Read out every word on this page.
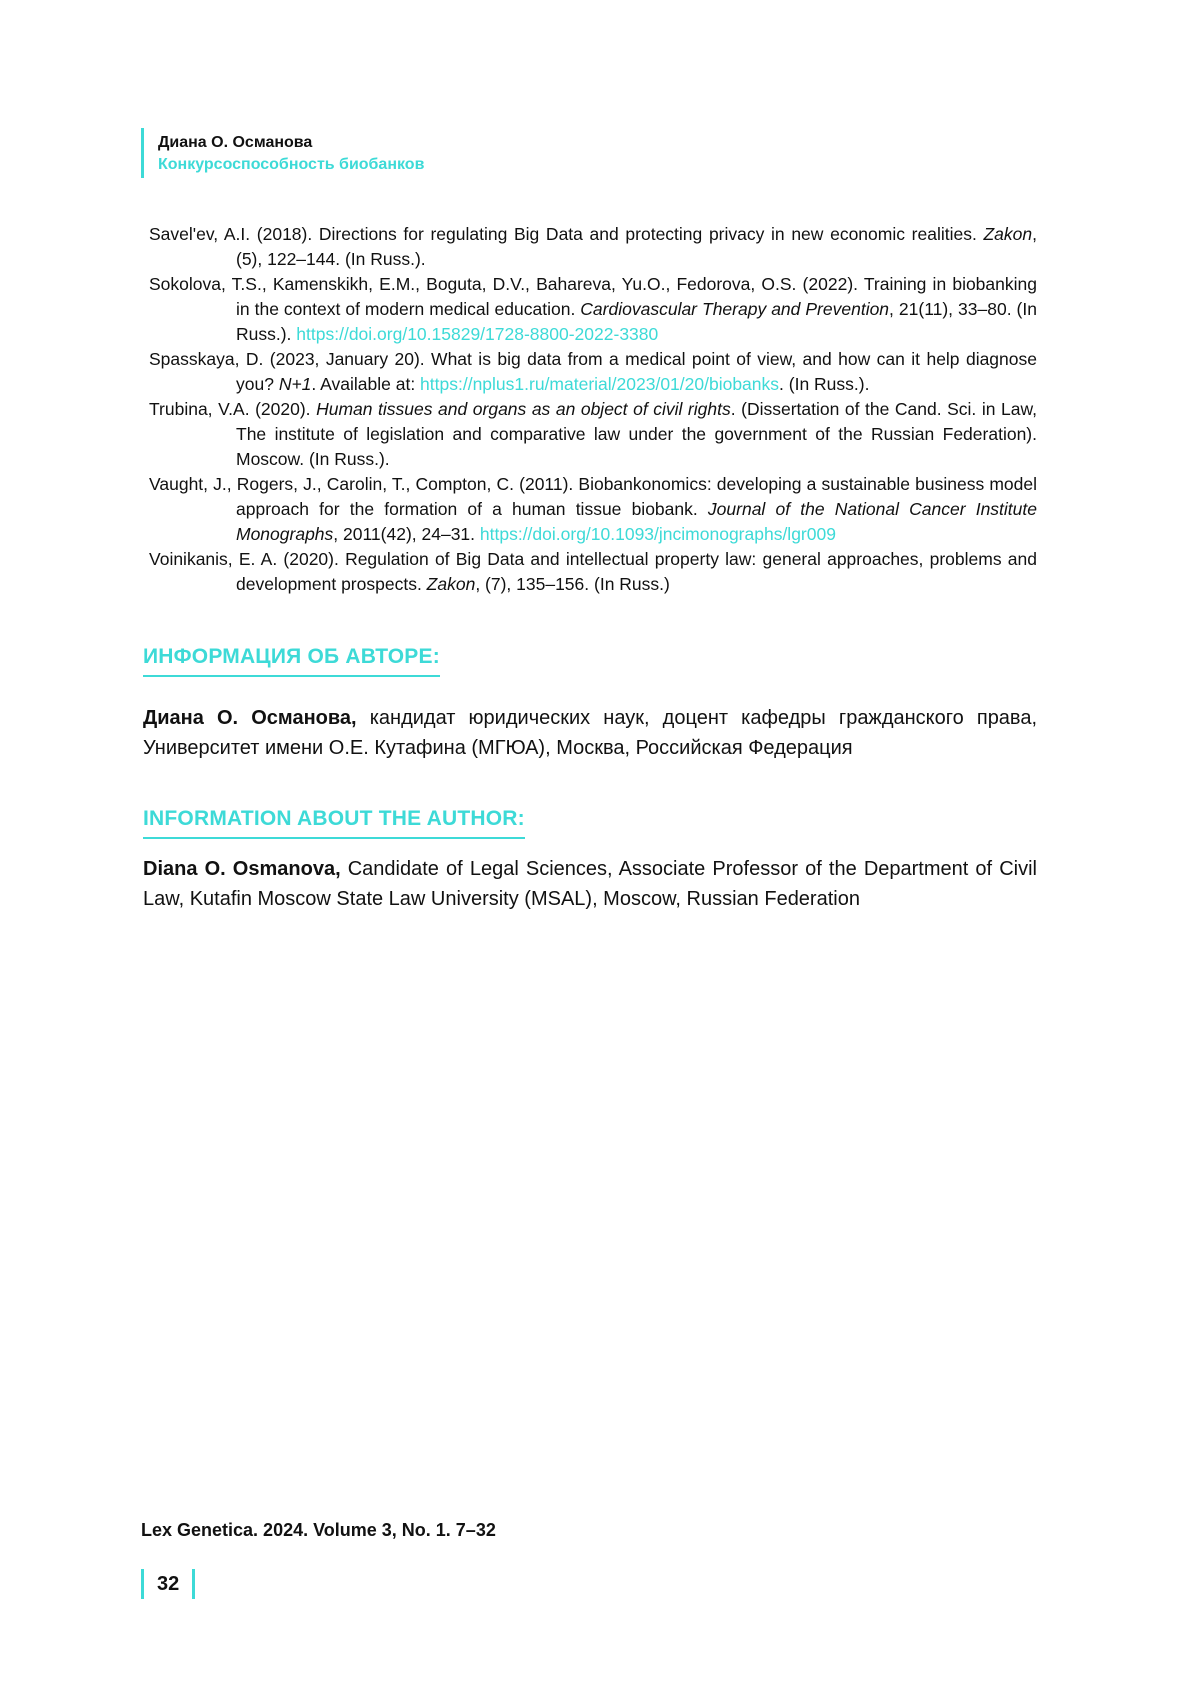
Диана О. Османова
Конкурсоспособность биобанков

Savel'ev, A.I. (2018). Directions for regulating Big Data and protecting privacy in new economic realities. Zakon, (5), 122–144. (In Russ.).

Sokolova, T.S., Kamenskikh, E.M., Boguta, D.V., Bahareva, Yu.O., Fedorova, O.S. (2022). Training in biobanking in the context of modern medical education. Cardiovascular Therapy and Prevention, 21(11), 33–80. (In Russ.). https://doi.org/10.15829/1728-8800-2022-3380

Spasskaya, D. (2023, January 20). What is big data from a medical point of view, and how can it help diagnose you? N+1. Available at: https://nplus1.ru/material/2023/01/20/biobanks. (In Russ.).

Trubina, V.A. (2020). Human tissues and organs as an object of civil rights. (Dissertation of the Cand. Sci. in Law, The institute of legislation and comparative law under the government of the Russian Federation). Moscow. (In Russ.).

Vaught, J., Rogers, J., Carolin, T., Compton, C. (2011). Biobankonomics: developing a sustainable business model approach for the formation of a human tissue biobank. Journal of the National Cancer Institute Monographs, 2011(42), 24–31. https://doi.org/10.1093/jncimonographs/lgr009

Voinikanis, E. A. (2020). Regulation of Big Data and intellectual property law: general approaches, problems and development prospects. Zakon, (7), 135–156. (In Russ.)

ИНФОРМАЦИЯ ОБ АВТОРЕ:
Диана О. Османова, кандидат юридических наук, доцент кафедры гражданского права, Университет имени О.Е. Кутафина (МГЮА), Москва, Российская Федерация
INFORMATION ABOUT THE AUTHOR:
Diana O. Osmanova, Candidate of Legal Sciences, Associate Professor of the Department of Civil Law, Kutafin Moscow State Law University (MSAL), Moscow, Russian Federation
Lex Genetica. 2024. Volume 3, No. 1. 7–32
32
